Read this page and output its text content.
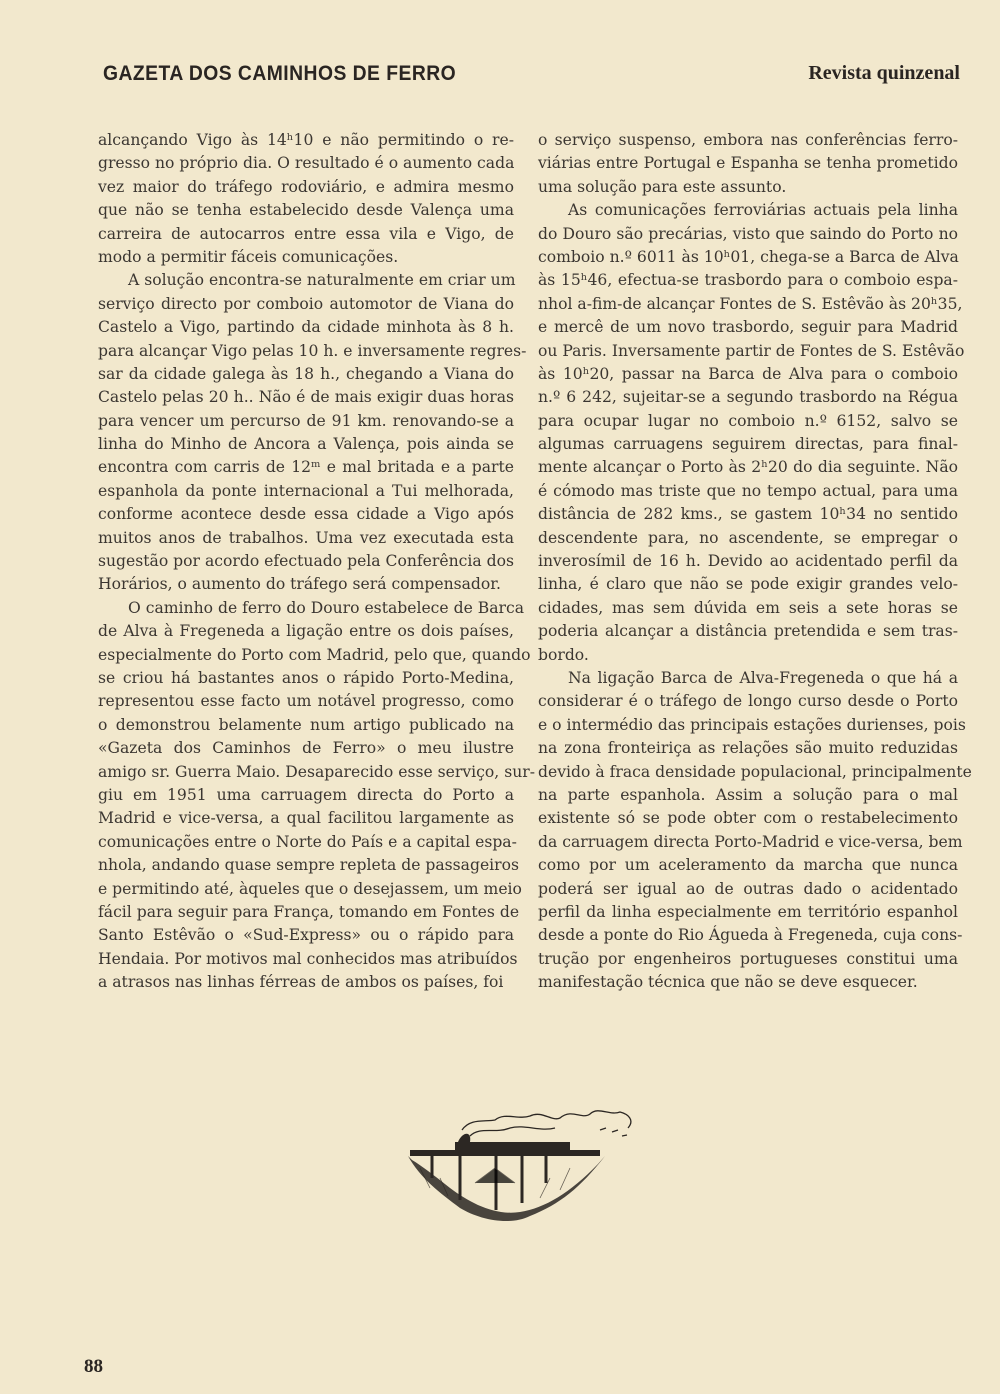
GAZETA DOS CAMINHOS DE FERRO	Revista quinzenal
alcançando Vigo às 14ʰ10 e não permitindo o re-
gresso no próprio dia. O resultado é o aumento cada
vez maior do tráfego rodoviário, e admira mesmo
que não se tenha estabelecido desde Valença uma
carreira de autocarros entre essa vila e Vigo, de
modo a permitir fáceis comunicações.
A solução encontra-se naturalmente em criar um
serviço directo por comboio automotor de Viana do
Castelo a Vigo, partindo da cidade minhota às 8 h.
para alcançar Vigo pelas 10 h. e inversamente regres-
sar da cidade galega às 18 h., chegando a Viana do
Castelo pelas 20 h.. Não é de mais exigir duas horas
para vencer um percurso de 91 km. renovando-se a
linha do Minho de Ancora a Valença, pois ainda se
encontra com carris de 12ᵐ e mal britada e a parte
espanhola da ponte internacional a Tui melhorada,
conforme acontece desde essa cidade a Vigo após
muitos anos de trabalhos. Uma vez executada esta
sugestão por acordo efectuado pela Conferência dos
Horários, o aumento do tráfego será compensador.
O caminho de ferro do Douro estabelece de Barca
de Alva à Fregeneda a ligação entre os dois países,
especialmente do Porto com Madrid, pelo que, quando
se criou há bastantes anos o rápido Porto-Medina,
representou esse facto um notável progresso, como
o demonstrou belamente num artigo publicado na
«Gazeta dos Caminhos de Ferro» o meu ilustre
amigo sr. Guerra Maio. Desaparecido esse serviço, sur-
giu em 1951 uma carruagem directa do Porto a
Madrid e vice-versa, a qual facilitou largamente as
comunicações entre o Norte do País e a capital espa-
nhola, andando quase sempre repleta de passageiros
e permitindo até, àqueles que o desejassem, um meio
fácil para seguir para França, tomando em Fontes de
Santo Estêvão o «Sud-Express» ou o rápido para
Hendaia. Por motivos mal conhecidos mas atribuídos
a atrasos nas linhas férreas de ambos os países, foi
o serviço suspenso, embora nas conferências ferro-
viárias entre Portugal e Espanha se tenha prometido
uma solução para este assunto.
As comunicações ferroviárias actuais pela linha
do Douro são precárias, visto que saindo do Porto no
comboio n.º 6011 às 10ʰ01, chega-se a Barca de Alva
às 15ʰ46, efectua-se trasbordo para o comboio espa-
nhol a-fim-de alcançar Fontes de S. Estêvão às 20ʰ35,
e mercê de um novo trasbordo, seguir para Madrid
ou Paris. Inversamente partir de Fontes de S. Estêvão
às 10ʰ20, passar na Barca de Alva para o comboio
n.º 6 242, sujeitar-se a segundo trasbordo na Régua
para ocupar lugar no comboio n.º 6152, salvo se
algumas carruagens seguirem directas, para final-
mente alcançar o Porto às 2ʰ20 do dia seguinte. Não
é cómodo mas triste que no tempo actual, para uma
distância de 282 kms., se gastem 10ʰ34 no sentido
descendente para, no ascendente, se empregar o
inverosímil de 16 h. Devido ao acidentado perfil da
linha, é claro que não se pode exigir grandes velo-
cidades, mas sem dúvida em seis a sete horas se
poderia alcançar a distância pretendida e sem tras-
bordo.
Na ligação Barca de Alva-Fregeneda o que há a
considerar é o tráfego de longo curso desde o Porto
e o intermédio das principais estações durienses, pois
na zona fronteiriça as relações são muito reduzidas
devido à fraca densidade populacional, principalmente
na parte espanhola. Assim a solução para o mal
existente só se pode obter com o restabelecimento
da carruagem directa Porto-Madrid e vice-versa, bem
como por um aceleramento da marcha que nunca
poderá ser igual ao de outras dado o acidentado
perfil da linha especialmente em território espanhol
desde a ponte do Rio Águeda à Fregeneda, cuja cons-
trução por engenheiros portugueses constitui uma
manifestação técnica que não se deve esquecer.
88
